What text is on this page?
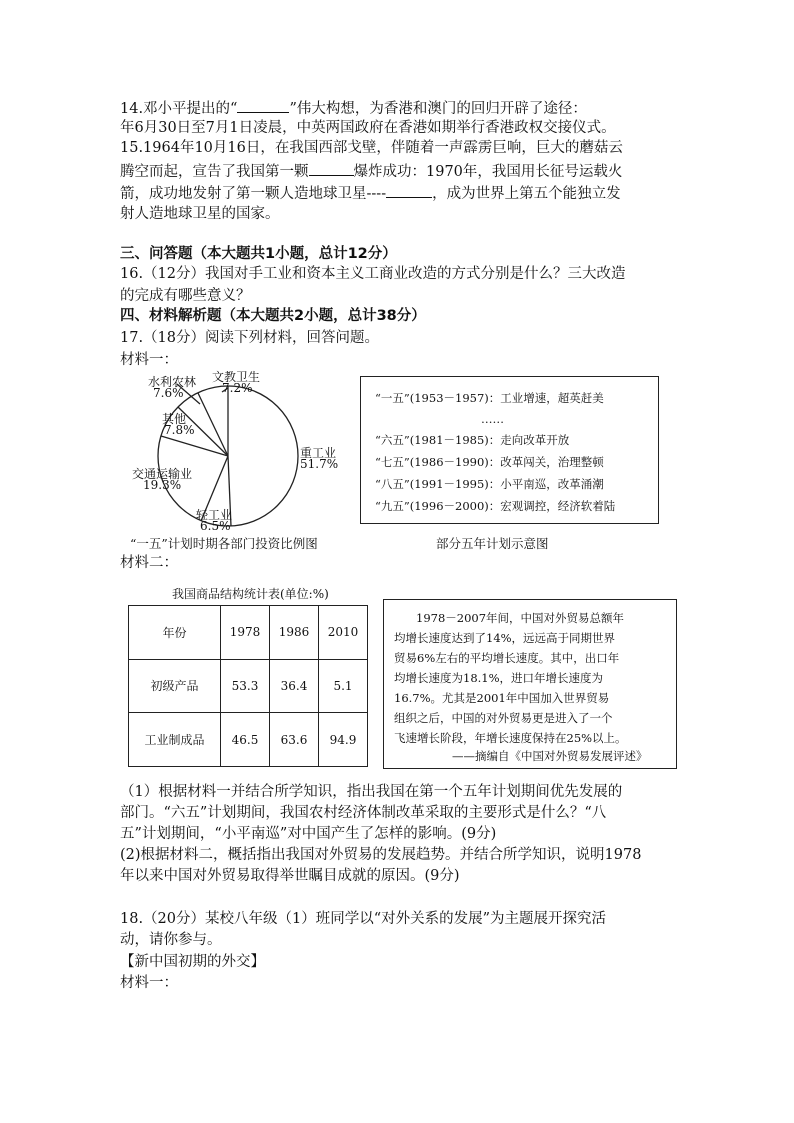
14.邓小平提出的“	”伟大构想，为香港和澳门的回归开辟了途径：
年6月30日至7月1日凌晨，中英两国政府在香港如期举行香港政权交接仪式。
15.1964年10月16日，在我国西部戈壁，伴随着一声霹雳巨响，巨大的蘑菇云
腾空而起，宣告了我国第一颗	爆炸成功：1970年，我国用长征号运载火
箭，成功地发射了第一颗人造地球卫星----	，成为世界上第五个能独立发
射人造地球卫星的国家。
三、问答题（本大题共1小题，总计12分）
16.（12分）我国对手工业和资本主义工商业改造的方式分别是什么？三大改造
的完成有哪些意义？
四、材料解析题（本大题共2小题，总计38分）
17.（18分）阅读下列材料，回答问题。
材料一：
重工业
51.7%
轻工业
6.5%
交通运输业
19.3%
其他
7.8%
水利农林
7.6%
文教卫生
7.2%
“一五”计划时期各部门投资比例图
“一五”(1953－1957)：工业增速，超英赶美
……
“六五”(1981－1985)：走向改革开放
“七五”(1986－1990)：改革闯关，治理整顿
“八五”(1991－1995)：小平南巡，改革涌潮
“九五”(1996－2000)：宏观调控，经济软着陆
部分五年计划示意图
材料二：
我国商品结构统计表(单位:%)
年份	1978	1986	2010
初级产品	53.3	36.4	5.1
工业制成品	46.5	63.6	94.9
1978－2007年间，中国对外贸易总额年
均增长速度达到了14%，远远高于同期世界
贸易6%左右的平均增长速度。其中，出口年
均增长速度为18.1%，进口年增长速度为
16.7%。尤其是2001年中国加入世界贸易
组织之后，中国的对外贸易更是进入了一个
飞速增长阶段，年增长速度保持在25%以上。
——摘编自《中国对外贸易发展评述》
（1）根据材料一并结合所学知识，指出我国在第一个五年计划期间优先发展的
部门。“六五”计划期间，我国农村经济体制改革采取的主要形式是什么？“八
五”计划期间，“小平南巡”对中国产生了怎样的影响。(9分)
(2)根据材料二，概括指出我国对外贸易的发展趋势。并结合所学知识，说明1978
年以来中国对外贸易取得举世瞩目成就的原因。(9分)
18.（20分）某校八年级（1）班同学以“对外关系的发展”为主题展开探究活
动，请你参与。
【新中国初期的外交】
材料一：
